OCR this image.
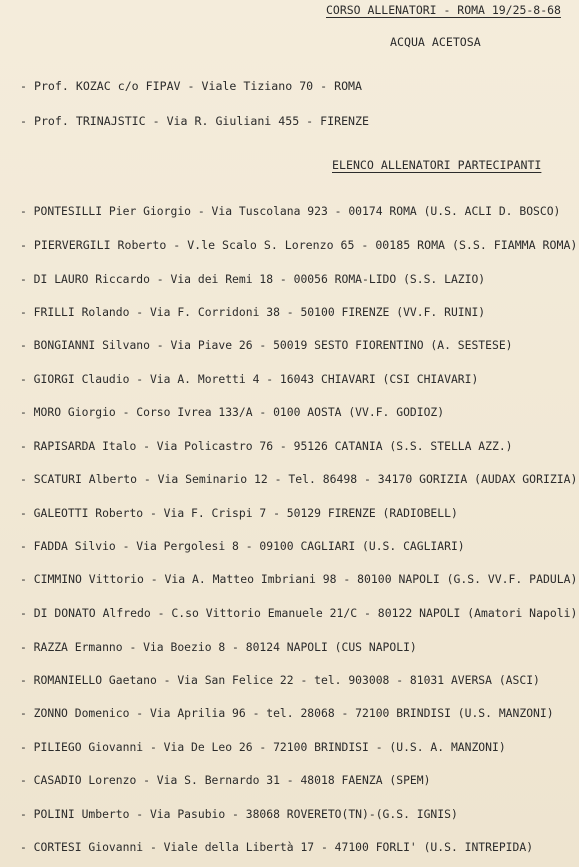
CORSO ALLENATORI - ROMA 19/25-8-68
ACQUA ACETOSA
- Prof. KOZAC c/o FIPAV - Viale Tiziano 70 - ROMA
- Prof. TRINAJSTIC - Via R. Giuliani 455 - FIRENZE
ELENCO ALLENATORI PARTECIPANTI
- PONTESILLI Pier Giorgio - Via Tuscolana 923 - 00174 ROMA (U.S. ACLI D. BOSCO)
- PIERVERGILI Roberto - V.le Scalo S. Lorenzo 65 - 00185 ROMA (S.S. FIAMMA ROMA)
- DI LAURO Riccardo - Via dei Remi 18 - 00056 ROMA-LIDO (S.S. LAZIO)
- FRILLI Rolando - Via F. Corridoni 38 - 50100 FIRENZE (VV.F. RUINI)
- BONGIANNI Silvano - Via Piave 26 - 50019 SESTO FIORENTINO (A. SESTESE)
- GIORGI Claudio - Via A. Moretti 4 - 16043 CHIAVARI (CSI CHIAVARI)
- MORO Giorgio - Corso Ivrea 133/A - 0100 AOSTA (VV.F. GODIOZ)
- RAPISARDA Italo - Via Policastro 76 - 95126 CATANIA (S.S. STELLA AZZ.)
- SCATURI Alberto - Via Seminario 12 - Tel. 86498 - 34170 GORIZIA (AUDAX GORIZIA)
- GALEOTTI Roberto - Via F. Crispi 7 - 50129 FIRENZE (RADIOBELL)
- FADDA Silvio - Via Pergolesi 8 - 09100 CAGLIARI (U.S. CAGLIARI)
- CIMMINO Vittorio - Via A. Matteo Imbriani 98 - 80100 NAPOLI (G.S. VV.F. PADULA)
- DI DONATO Alfredo - C.so Vittorio Emanuele 21/C - 80122 NAPOLI (Amatori Napoli)
- RAZZA Ermanno - Via Boezio 8 - 80124 NAPOLI (CUS NAPOLI)
- ROMANIELLO Gaetano - Via San Felice 22 - tel. 903008 - 81031 AVERSA (ASCI)
- ZONNO Domenico - Via Aprilia 96 - tel. 28068 - 72100 BRINDISI (U.S. MANZONI)
- PILIEGO Giovanni - Via De Leo 26 - 72100 BRINDISI - (U.S. A. MANZONI)
- CASADIO Lorenzo - Via S. Bernardo 31 - 48018 FAENZA (SPEM)
- POLINI Umberto - Via Pasubio - 38068 ROVERETO(TN)-(G.S. IGNIS)
- CORTESI Giovanni - Viale della Libertà 17 - 47100 FORLI' (U.S. INTREPIDA)
